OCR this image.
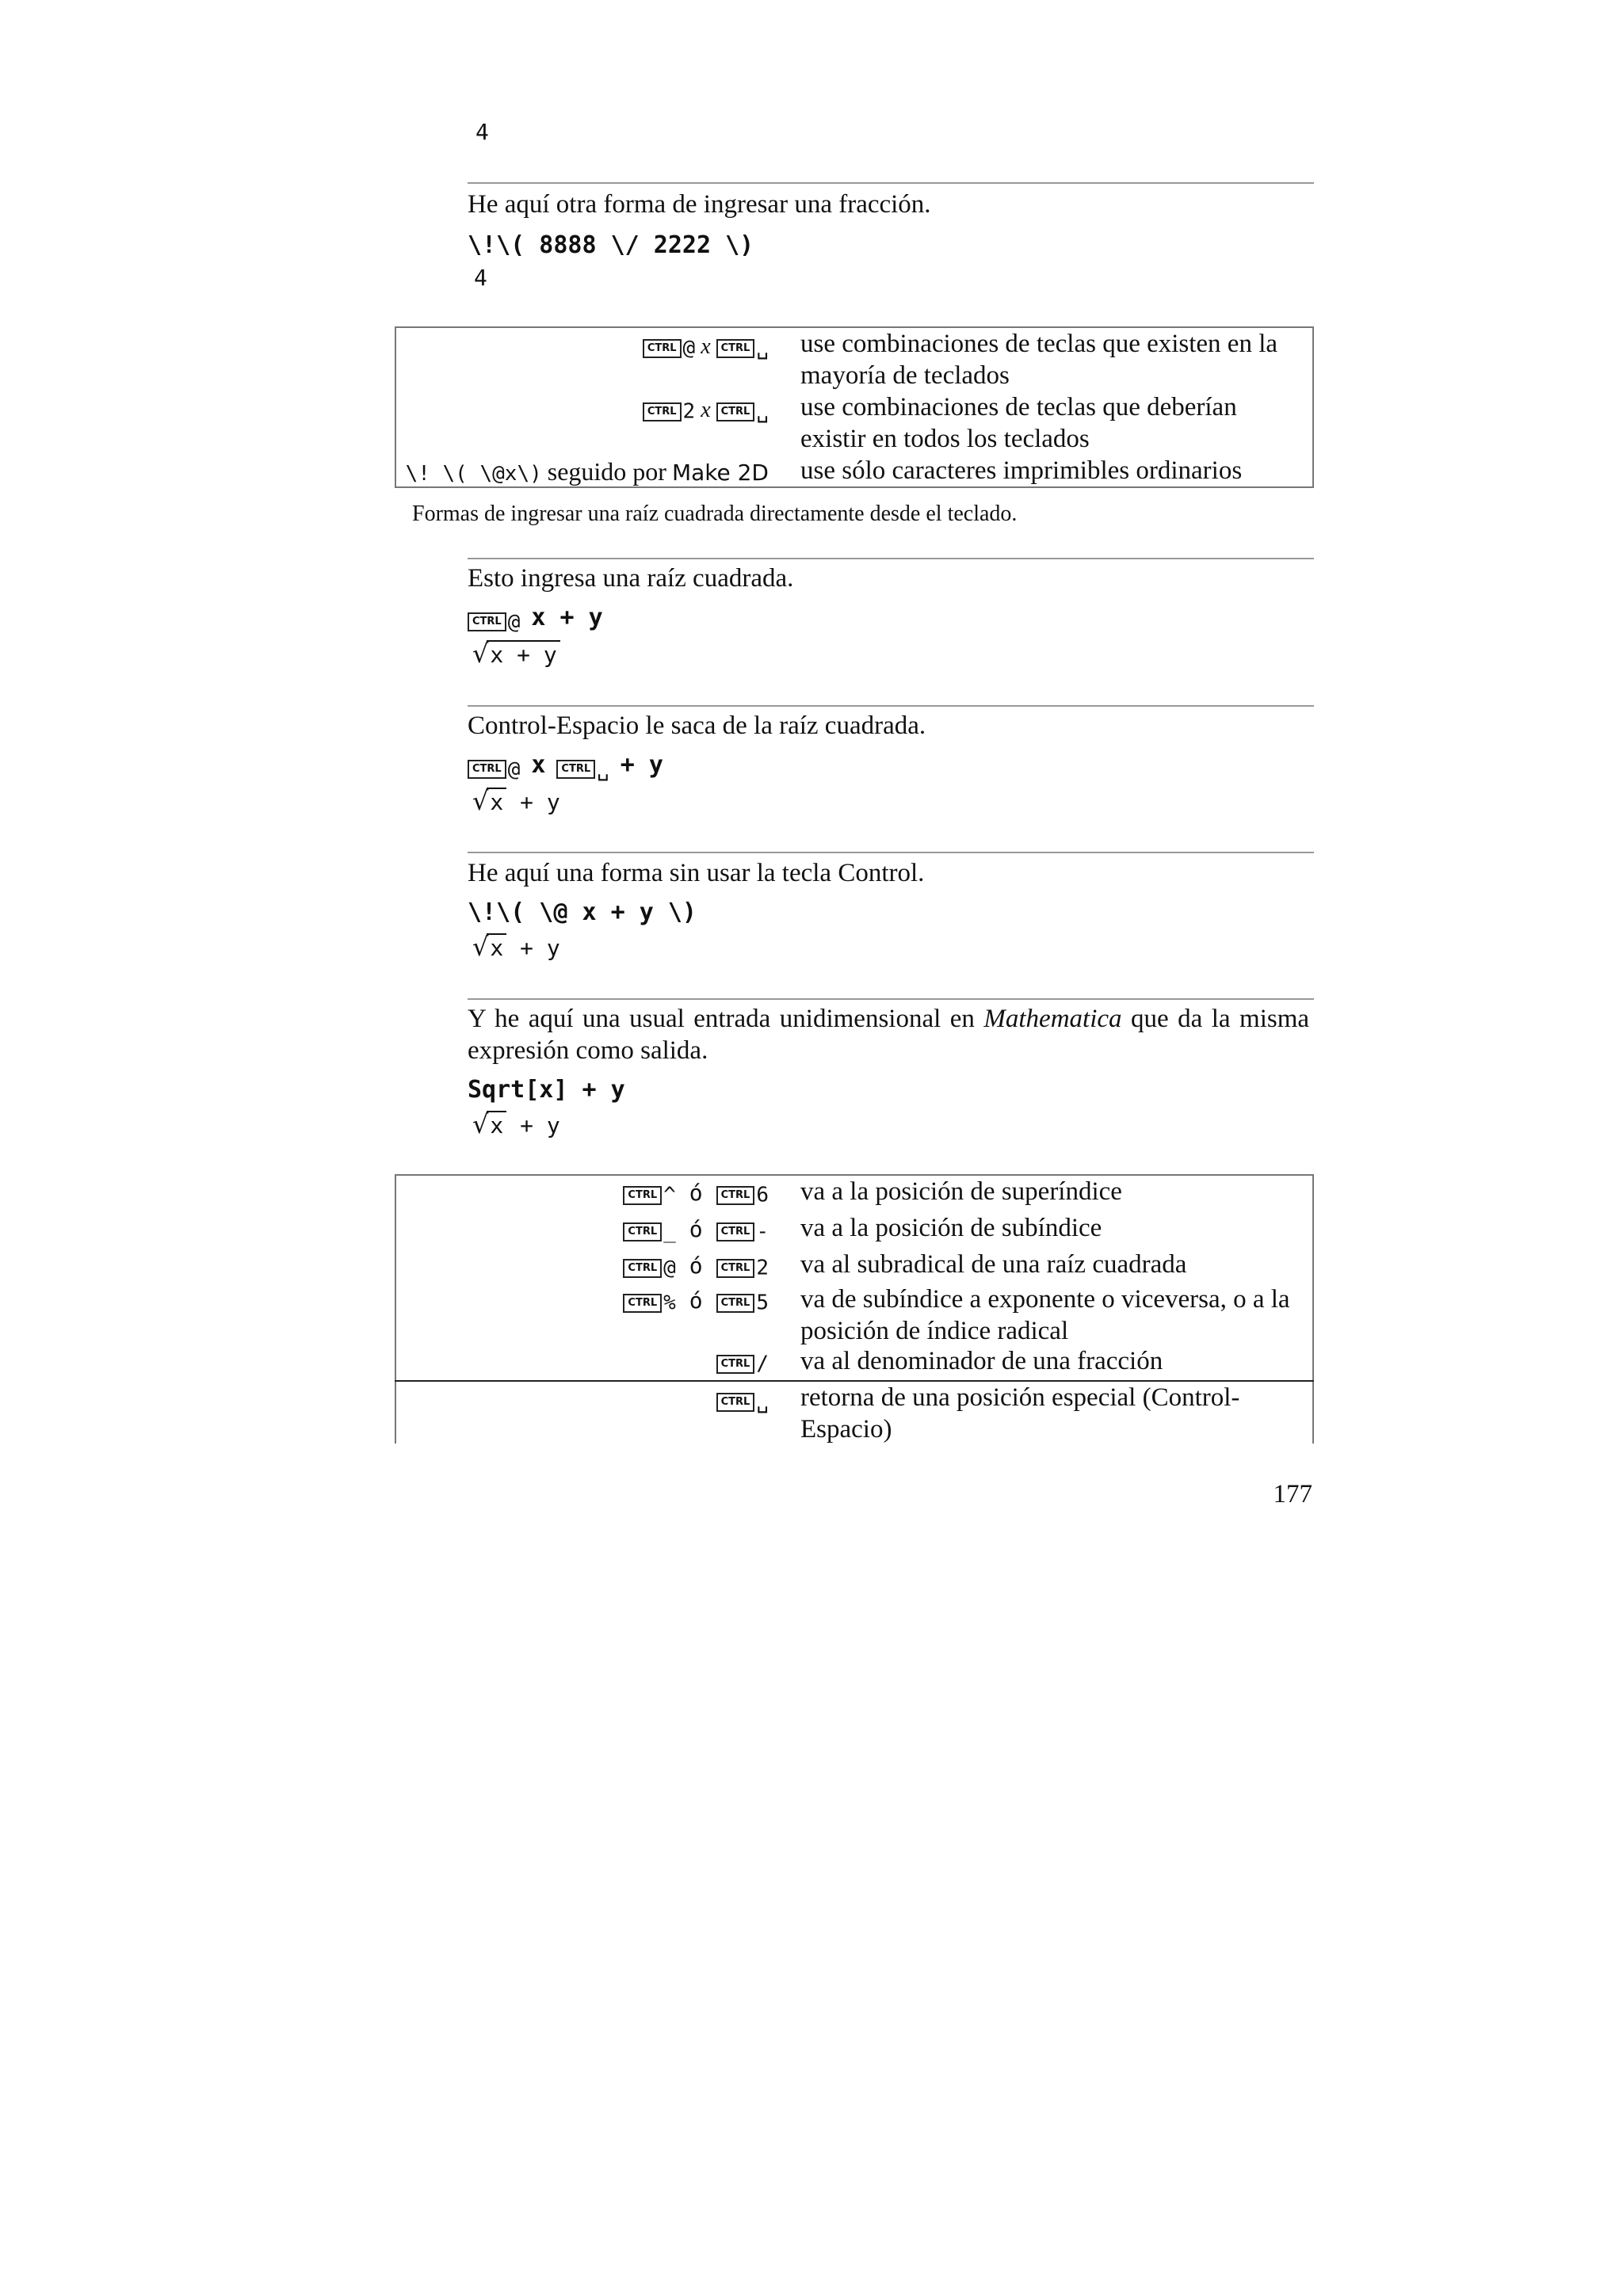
4
He aquí otra forma de ingresar una fracción.
\!\( 8888 \/ 2222 \)
4
CTRL @ x CTRL ␣ use combinaciones de teclas que existen en la mayoría de teclados
CTRL 2 x CTRL ␣ use combinaciones de teclas que deberían existir en todos los teclados
\! \( \@x\) seguido por Make 2D use sólo caracteres imprimibles ordinarios
Formas de ingresar una raíz cuadrada directamente desde el teclado.
Esto ingresa una raíz cuadrada.
CTRL @ x + y
√x + y
Control-Espacio le saca de la raíz cuadrada.
CTRL @ x CTRL ␣ + y
√x + y
He aquí una forma sin usar la tecla Control.
\!\( \@ x + y \)
√x + y
Y he aquí una usual entrada unidimensional en Mathematica que da la misma expresión como salida.
Sqrt[x] + y
√x + y
CTRL ^ ó CTRL 6 va a la posición de superíndice
CTRL _ ó CTRL - va a la posición de subíndice
CTRL @ ó CTRL 2 va al subradical de una raíz cuadrada
CTRL % ó CTRL 5 va de subíndice a exponente o viceversa, o a la posición de índice radical
CTRL / va al denominador de una fracción
CTRL ␣ retorna de una posición especial (Control-Espacio)
177
